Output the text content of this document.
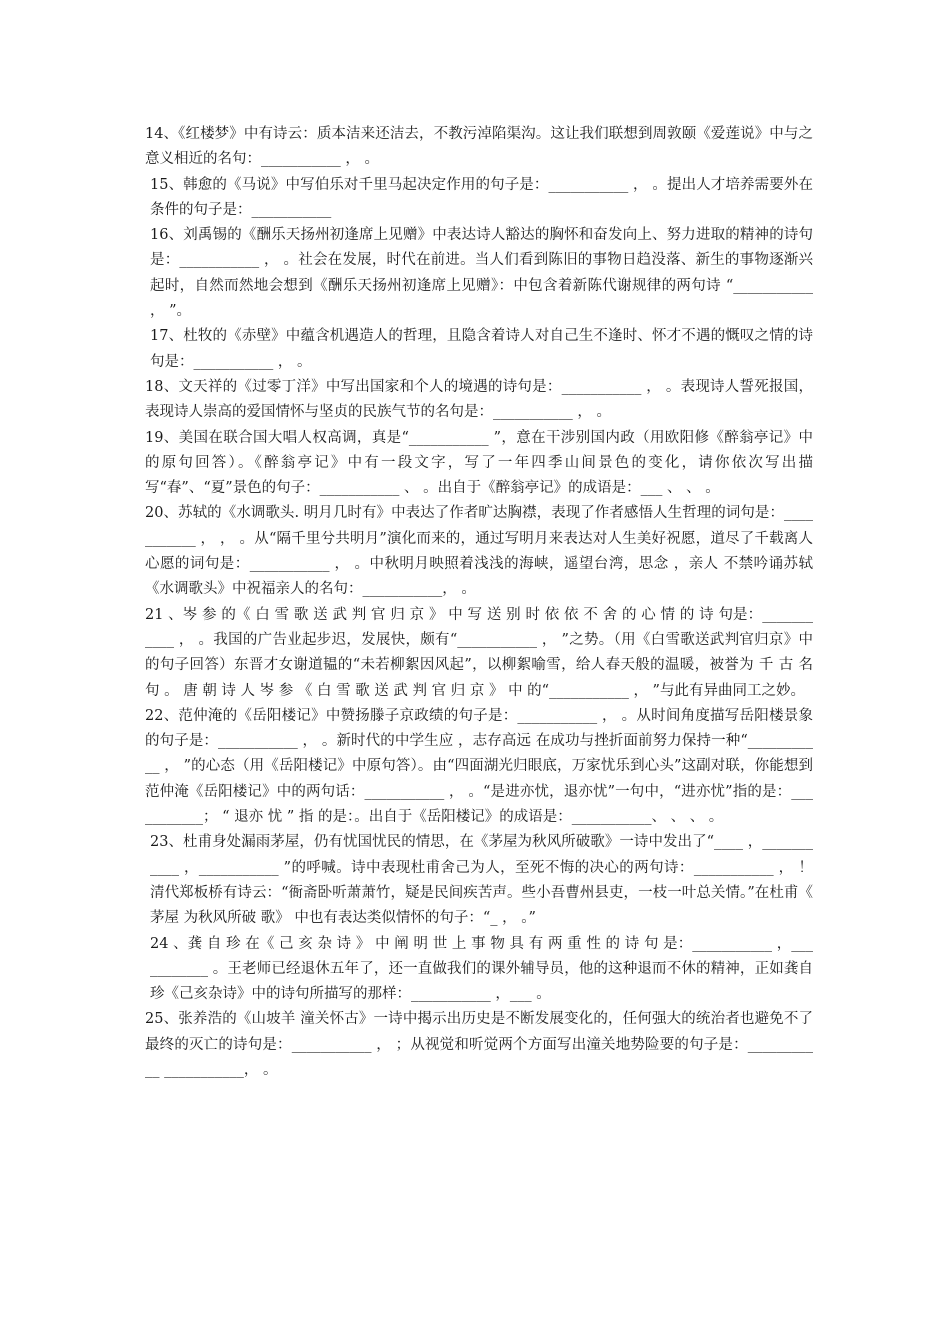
14、《红楼梦》中有诗云：质本洁来还洁去，不教污淖陷渠沟。这让我们联想到周敦颐《爱莲说》中与之意义相近的名句：___________ ， 。

15、韩愈的《马说》中写伯乐对千里马起决定作用的句子是：___________ ， 。提出人才培养需要外在条件的句子是：___________

16、刘禹锡的《酬乐天扬州初逢席上见赠》中表达诗人豁达的胸怀和奋发向上、努力进取的精神的诗句是：___________ ， 。社会在发展，时代在前进。当人们看到陈旧的事物日趋没落、新生的事物逐渐兴起时，自然而然地会想到《酬乐天扬州初逢席上见赠》：中包含着新陈代谢规律的两句诗 “___________ ， ”。

17、杜牧的《赤壁》中蕴含机遇造人的哲理，且隐含着诗人对自己生不逢时、怀才不遇的慨叹之情的诗句是：___________ ， 。

18、文天祥的《过零丁洋》中写出国家和个人的境遇的诗句是：___________ ， 。表现诗人誓死报国，表现诗人崇高的爱国情怀与坚贞的民族气节的名句是：___________ ， 。

19、美国在联合国大唱人权高调，真是“___________ ”，意在干涉别国内政（用欧阳修《醉翁亭记》中的原句回答）。《醉翁亭记》中有一段文字，写了一年四季山间景色的变化，请你依次写出描写“春”、“夏”景色的句子：___________ 、 。出自于《醉翁亭记》的成语是：___ 、 、 。

20、苏轼的《水调歌头. 明月几时有》中表达了作者旷达胸襟，表现了作者感悟人生哲理的词句是：___________ ， ， 。从“隔千里兮共明月”演化而来的，通过写明月来表达对人生美好祝愿，道尽了千载离人心愿的词句是：___________ ， 。中秋明月映照着浅浅的海峡，遥望台湾，思念 ，亲人 不禁吟诵苏轼《水调歌头》中祝福亲人的名句：___________， 。

21 、岑 参 的《 白 雪 歌 送 武 判 官 归 京 》 中 写 送 别 时 依 依 不 舍 的 心 情 的 诗 句是：___________ ， 。我国的广告业起步迟，发展快，颇有“___________ ， ”之势。（用《白雪歌送武判官归京》中的句子回答）东晋才女谢道韫的“未若柳絮因风起”，以柳絮喻雪，给人春天般的温暖，被誉为 千 古 名 句 。 唐 朝 诗 人 岑 参 《 白 雪 歌 送 武 判 官 归 京 》 中 的“___________ ， ”与此有异曲同工之妙。

22、范仲淹的《岳阳楼记》中赞扬滕子京政绩的句子是：___________ ， 。从时间角度描写岳阳楼景象的句子是：___________ ， 。新时代的中学生应 ，志存高远 在成功与挫折面前努力保持一种“___________ ， ”的心态（用《岳阳楼记》中原句答）。由“四面湖光归眼底，万家忧乐到心头”这副对联，你能想到范仲淹《岳阳楼记》中的两句话：___________ ， 。“是进亦忧，退亦忧”一句中，“进亦忧”指的是：___________； “ 退亦 忧 ” 指 的是：。出自于《岳阳楼记》的成语是：___________、 、 、 。

23、杜甫身处漏雨茅屋，仍有忧国忧民的情思，在《茅屋为秋风所破歌》一诗中发出了“____ ，___________ ，___________ ”的呼喊。诗中表现杜甫舍己为人，至死不悔的决心的两句诗：___________ ， ！清代郑板桥有诗云：“衙斋卧听萧萧竹，疑是民间疾苦声。些小吾曹州县吏，一枝一叶总关情。”在杜甫《 茅屋 为秋风所破 歌》 中也有表达类似情怀的句子：“_ ， 。”

24 、龚 自 珍 在《 己 亥 杂 诗 》 中 阐 明 世 上 事 物 具 有 两 重 性 的 诗 句 是：___________ ，___________ 。王老师已经退休五年了，还一直做我们的课外辅导员，他的这种退而不休的精神，正如龚自珍《己亥杂诗》中的诗句所描写的那样：___________ ，___ 。

25、张养浩的《山坡羊 潼关怀古》一诗中揭示出历史是不断发展变化的，任何强大的统治者也避免不了最终的灭亡的诗句是：___________ ， ；从视觉和听觉两个方面写出潼关地势险要的句子是：___________ ___________， 。
